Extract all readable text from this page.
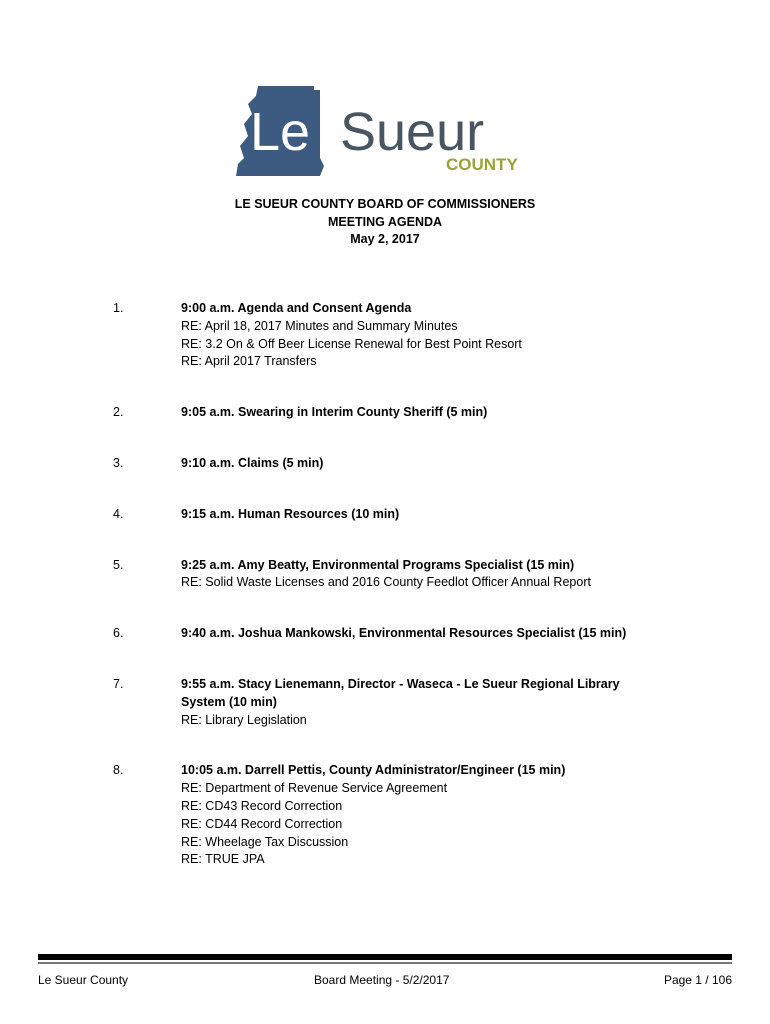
Le Sueur
COUNTY
LE SUEUR COUNTY BOARD OF COMMISSIONERS
MEETING AGENDA
May 2, 2017
1.	9:00 a.m. Agenda and Consent Agenda
RE: April 18, 2017 Minutes and Summary Minutes
RE: 3.2 On & Off Beer License Renewal for Best Point Resort
RE: April 2017 Transfers
2.	9:05 a.m. Swearing in Interim County Sheriff (5 min)
3.	9:10 a.m. Claims (5 min)
4.	9:15 a.m. Human Resources (10 min)
5.	9:25 a.m. Amy Beatty, Environmental Programs Specialist (15 min)
RE: Solid Waste Licenses and 2016 County Feedlot Officer Annual Report
6.	9:40 a.m. Joshua Mankowski, Environmental Resources Specialist (15 min)
7.	9:55 a.m. Stacy Lienemann, Director - Waseca - Le Sueur Regional Library System (10 min)
RE: Library Legislation
8.	10:05 a.m. Darrell Pettis, County Administrator/Engineer (15 min)
RE: Department of Revenue Service Agreement
RE: CD43 Record Correction
RE: CD44 Record Correction
RE: Wheelage Tax Discussion
RE: TRUE JPA
Le Sueur County	Board Meeting - 5/2/2017	Page 1 / 106
